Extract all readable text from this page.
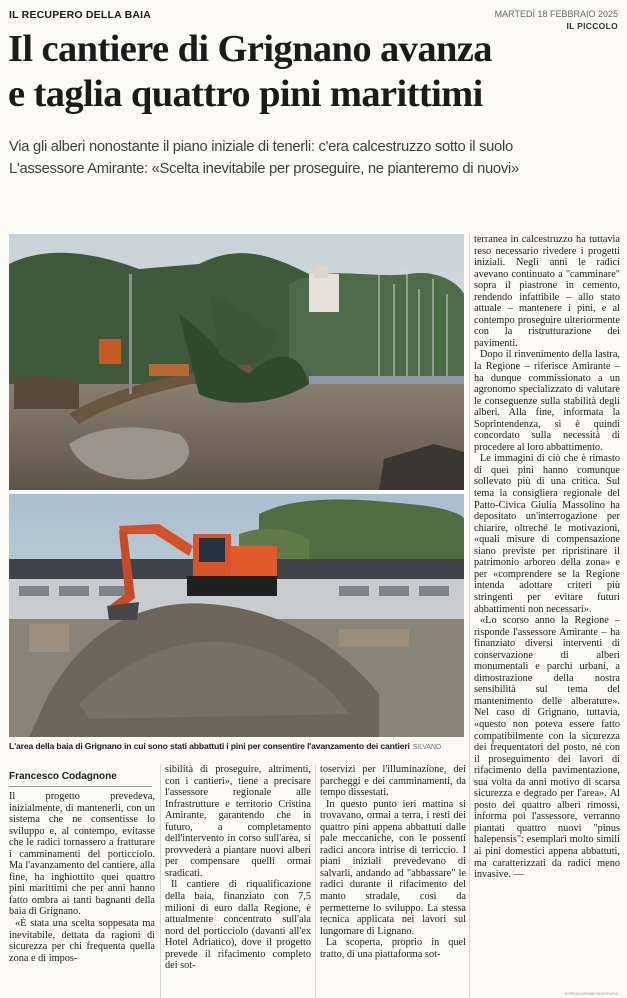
IL RECUPERO DELLA BAIA	MARTEDÌ 18 FEBBRAIO 2025
IL PICCOLO
Il cantiere di Grignano avanza
e taglia quattro pini marittimi
Via gli alberi nonostante il piano iniziale di tenerli: c'era calcestruzzo sotto il suolo
L'assessore Amirante: «Scelta inevitabile per proseguire, ne pianteremo di nuovi»
L'area della baia di Grignano in cui sono stati abbattuti i pini per consentire l'avanzamento dei cantieri SILVANO
Francesco Codagnone

Il progetto prevedeva, inizialmente, di mantenerli, con un sistema che ne consentisse lo sviluppo e, al contempo, evitasse che le radici tornassero a fratturare i camminamenti del porticciolo. Ma l'avanzamento del cantiere, alla fine, ha inghiottito quei quattro pini marittimi che per anni hanno fatto ombra ai tanti bagnanti della baia di Grignano.

«È stata una scelta soppesata ma inevitabile, dettata da ragioni di sicurezza per chi frequenta quella zona e di impos-

sibilità di proseguire, altrimenti, con i cantieri», tiene a precisare l'assessore regionale alle Infrastrutture e territorio Cristina Amirante, garantendo che in futuro, a completamento dell'intervento in corso sull'area, si provvederà a piantare nuovi alberi per compensare quelli ormai sradicati.

Il cantiere di riqualificazione della baia, finanziato con 7,5 milioni di euro dalla Regione, è attualmente concentrato sull'ala nord del porticciolo (davanti all'ex Hotel Adriatico), dove il progetto prevede il rifacimento completo dei sot-

toservizi per l'illuminazione, dei parcheggi e dei camminamenti, da tempo dissestati.

In questo punto ieri mattina si trovavano, ormai a terra, i resti dei quattro pini appena abbattuti dalle pale meccaniche, con le possenti radici ancora intrise di terriccio. I piani iniziali prevedevano di salvarli, andando ad "abbassare" le radici durante il rifacimento del manto stradale, così da permetterne lo sviluppo. La stessa tecnica applicata nei lavori sul lungomare di Lignano.

La scoperta, proprio in quel tratto, di una piattaforma sot-

terranea in calcestruzzo ha tuttavia reso necessario rivedere i progetti iniziali. Negli anni le radici avevano continuato a "camminare" sopra il piastrone in cemento, rendendo infattibile – allo stato attuale – mantenere i pini, e al contempo proseguire ulteriormente con la ristrutturazione dei pavimenti.

Dopo il rinvenimento della lastra, la Regione – riferisce Amirante – ha dunque commissionato a un agronomo specializzato di valutare le conseguenze sulla stabilità degli alberi. Alla fine, informata la Soprintendenza, si è quindi concordato sulla necessità di procedere al loro abbattimento.

Le immagini di ciò che è rimasto di quei pini hanno comunque sollevato più di una critica. Sul tema la consigliera regionale del Patto-Civica Giulia Massolino ha depositato un'interrogazione per chiarire, oltreché le motivazioni, «quali misure di compensazione siano previste per ripristinare il patrimonio arboreo della zona» e per «comprendere se la Regione intenda adottare criteri più stringenti per evitare futuri abbattimenti non necessari».

«Lo scorso anno la Regione – risponde l'assessore Amirante – ha finanziato diversi interventi di conservazione di alberi monumentali e parchi urbani, a dimostrazione della nostra sensibilità sul tema del mantenimento delle alberature». Nel caso di Grignano, tuttavia, «questo non poteva essere fatto compatibilmente con la sicurezza dei frequentatori del posto, né con il proseguimento dei lavori di rifacimento della pavimentazione, sua volta da anni motivo di scarsa sicurezza e degrado per l'area». Al posto dei quattro alberi rimossi, informa poi l'assessore, verranno piantati quattro nuovi "pinus halepensis": esemplari molto simili ai pini domestici appena abbattuti, ma caratterizzati da radici meno invasive. —

RIPRODUZIONE RISERVATA
